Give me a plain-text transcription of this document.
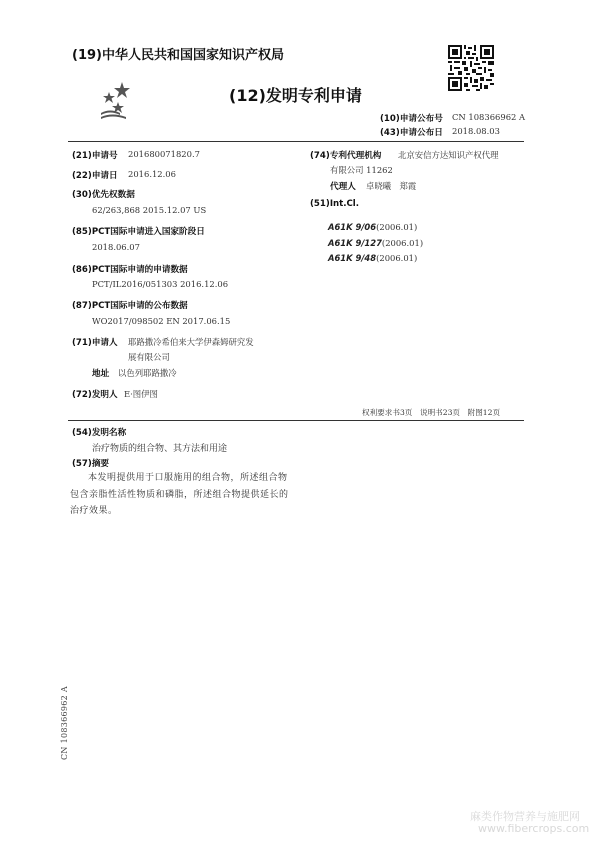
(19)中华人民共和国国家知识产权局
(12)发明专利申请
(10)申请公布号 CN 108366962 A
(43)申请公布日 2018.08.03
(21)申请号 201680071820.7
(22)申请日 2016.12.06
(30)优先权数据
62/263,868 2015.12.07 US
(85)PCT国际申请进入国家阶段日
2018.06.07
(86)PCT国际申请的申请数据
PCT/IL2016/051303 2016.12.06
(87)PCT国际申请的公布数据
WO2017/098502 EN 2017.06.15
(71)申请人 耶路撒冷希伯来大学伊森姆研究发
展有限公司
地址 以色列耶路撒冷
(72)发明人 E·图伊图
(74)专利代理机构 北京安信方达知识产权代理
有限公司 11262
代理人 卓晓曦　郑霞
(51)Int.Cl.
A61K 9/06(2006.01)
A61K 9/127(2006.01)
A61K 9/48(2006.01)
权利要求书3页　说明书23页　附图12页
(54)发明名称
治疗物质的组合物、其方法和用途
(57)摘要
本发明提供用于口服施用的组合物，所述组合物包含亲脂性活性物质和磷脂，所述组合物提供延长的治疗效果。
CN 108366962 A
麻类作物营养与施肥网
www.fibercrops.com
